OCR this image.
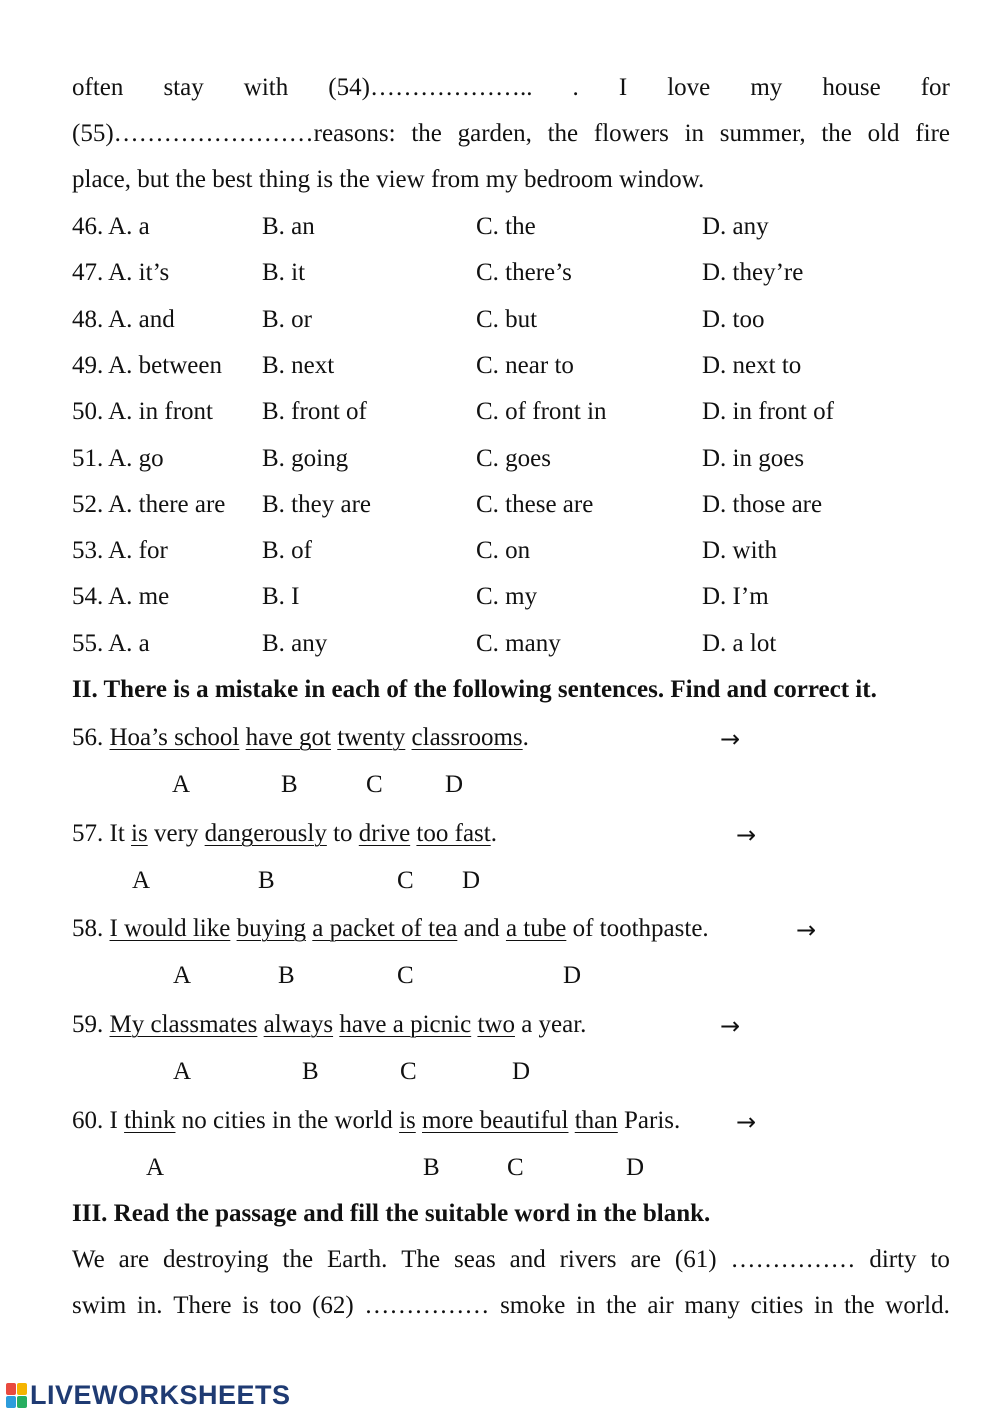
often stay with (54)……………….. . I love my house for
(55)……………………reasons: the garden, the flowers in summer, the old fire
place, but the best thing is the view from my bedroom window.
46. A. a	B. an	C. the	D. any
47. A. it’s	B. it	C. there’s	D. they’re
48. A. and	B. or	C. but	D. too
49. A. between B. next	C. near to	D. next to
50. A. in front B. front of	C. of front in	D. in front of
51. A. go	B. going	C. goes	D. in goes
52. A. there are B. they are	C. these are	D. those are
53. A. for	B. of	C. on	D. with
54. A. me	B. I	C. my	D. I’m
55. A. a	B. any	C. many	D. a lot
II. There is a mistake in each of the following sentences. Find and correct it.
56. Hoa’s school have got twenty classrooms.	→
A	B	C D
57. It is very dangerously to drive too fast.	→
A	B	C D
58. I would like buying a packet of tea and a tube of toothpaste.	→
A	B	C	D
59. My classmates always have a picnic two a year.	→
A	B	C	D
60. I think no cities in the world is more beautiful than Paris. →
A	B	C	D
III. Read the passage and fill the suitable word in the blank.
We are destroying the Earth. The seas and rivers are (61) …………… dirty to
swim in. There is too (62) …………… smoke in the air many cities in the world.
LIVEWORKSHEETS
